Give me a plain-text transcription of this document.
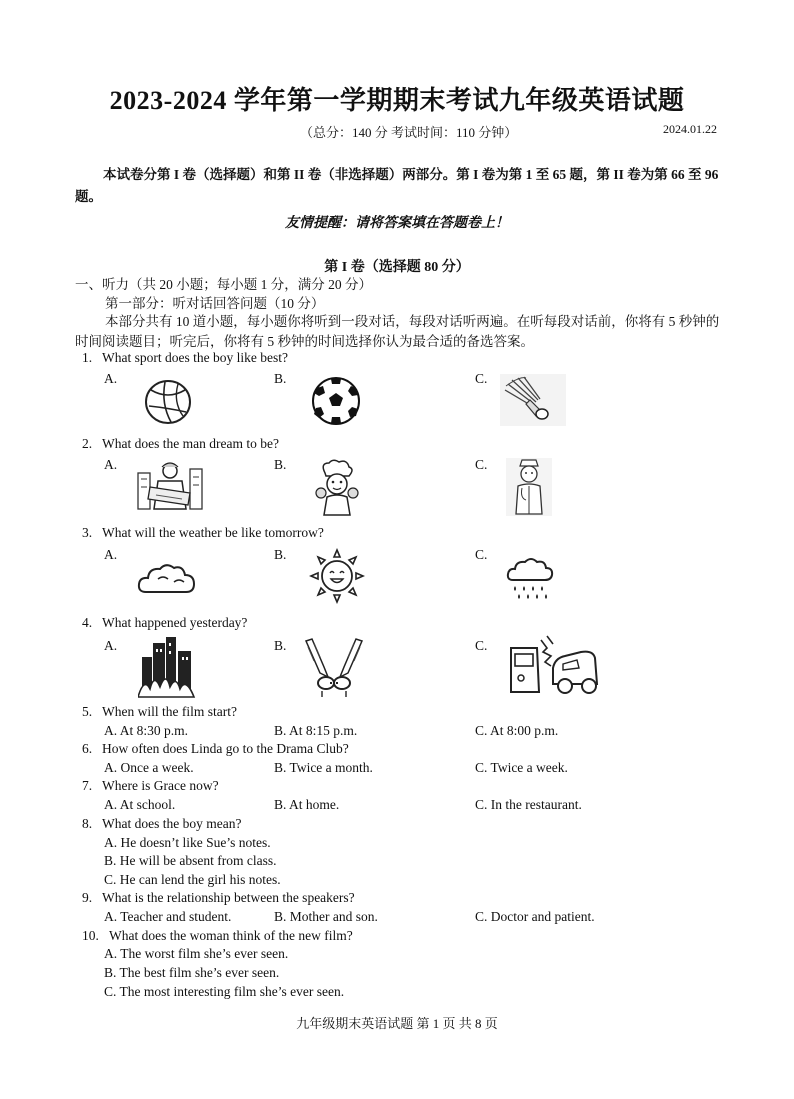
2023-2024 学年第一学期期末考试九年级英语试题
（总分：140 分 考试时间：110 分钟）	2024.01.22
本试卷分第 I 卷（选择题）和第 II 卷（非选择题）两部分。第 I 卷为第 1 至 65 题，第 II 卷为第 66 至 96 题。
友情提醒：请将答案填在答题卷上！
第 I 卷（选择题 80 分）
一、听力（共 20 小题；每小题 1 分，满分 20 分）
第一部分：听对话回答问题（10 分）
本部分共有 10 道小题，每小题你将听到一段对话，每段对话听两遍。在听每段对话前，你将有 5 秒钟的时间阅读题目；听完后，你将有 5 秒钟的时间选择你认为最合适的备选答案。
1. What sport does the boy like best?
A.	B.	C.
2. What does the man dream to be?
A.	B.	C.
3. What will the weather be like tomorrow?
A.	B.	C.
4. What happened yesterday?
A.	B.	C.
5. When will the film start?
A. At 8:30 p.m.	B. At 8:15 p.m.	C. At 8:00 p.m.
6. How often does Linda go to the Drama Club?
A. Once a week.	B. Twice a month.	C. Twice a week.
7. Where is Grace now?
A. At school.	B. At home.	C. In the restaurant.
8. What does the boy mean?
A. He doesn’t like Sue’s notes.
B. He will be absent from class.
C. He can lend the girl his notes.
9. What is the relationship between the speakers?
A. Teacher and student.	B. Mother and son.	C. Doctor and patient.
10. What does the woman think of the new film?
A. The worst film she’s ever seen.
B. The best film she’s ever seen.
C. The most interesting film she’s ever seen.
九年级期末英语试题 第 1 页 共 8 页
